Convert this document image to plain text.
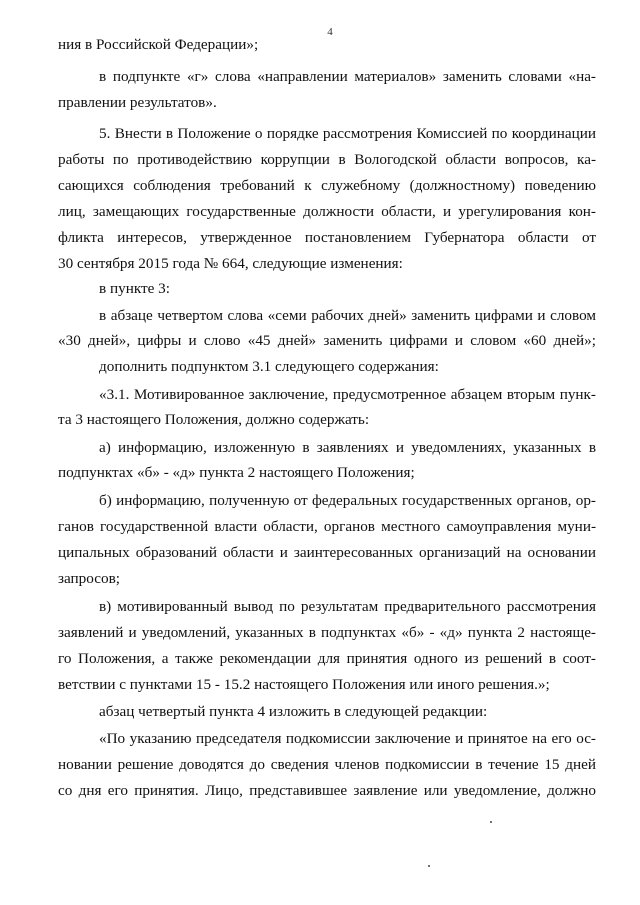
4
ния в Российской Федерации»;
в подпункте «г» слова «направлении материалов» заменить словами «на-
правлении результатов».
5. Внести в Положение о порядке рассмотрения Комиссией по координации
работы по противодействию коррупции в Вологодской области вопросов, ка-
сающихся соблюдения требований к служебному (должностному) поведению
лиц, замещающих государственные должности области, и урегулирования кон-
фликта интересов, утвержденное постановлением Губернатора области от
30 сентября 2015 года № 664, следующие изменения:
в пункте 3:
в абзаце четвертом слова «семи рабочих дней» заменить цифрами и словом
«30 дней», цифры и слово «45 дней» заменить цифрами и словом «60 дней»;
дополнить подпунктом 3.1 следующего содержания:
«3.1. Мотивированное заключение, предусмотренное абзацем вторым пунк-
та 3 настоящего Положения, должно содержать:
а) информацию, изложенную в заявлениях и уведомлениях, указанных в
подпунктах «б» - «д» пункта 2 настоящего Положения;
б) информацию, полученную от федеральных государственных органов, ор-
ганов государственной власти области, органов местного самоуправления муни-
ципальных образований области и заинтересованных организаций на основании
запросов;
в) мотивированный вывод по результатам предварительного рассмотрения
заявлений и уведомлений, указанных в подпунктах «б» - «д» пункта 2 настояще-
го Положения, а также рекомендации для принятия одного из решений в соот-
ветствии с пунктами 15 - 15.2 настоящего Положения или иного решения.»;
абзац четвертый пункта 4 изложить в следующей редакции:
«По указанию председателя подкомиссии заключение и принятое на его ос-
новании решение доводятся до сведения членов подкомиссии в течение 15 дней
со дня его принятия. Лицо, представившее заявление или уведомление, должно
